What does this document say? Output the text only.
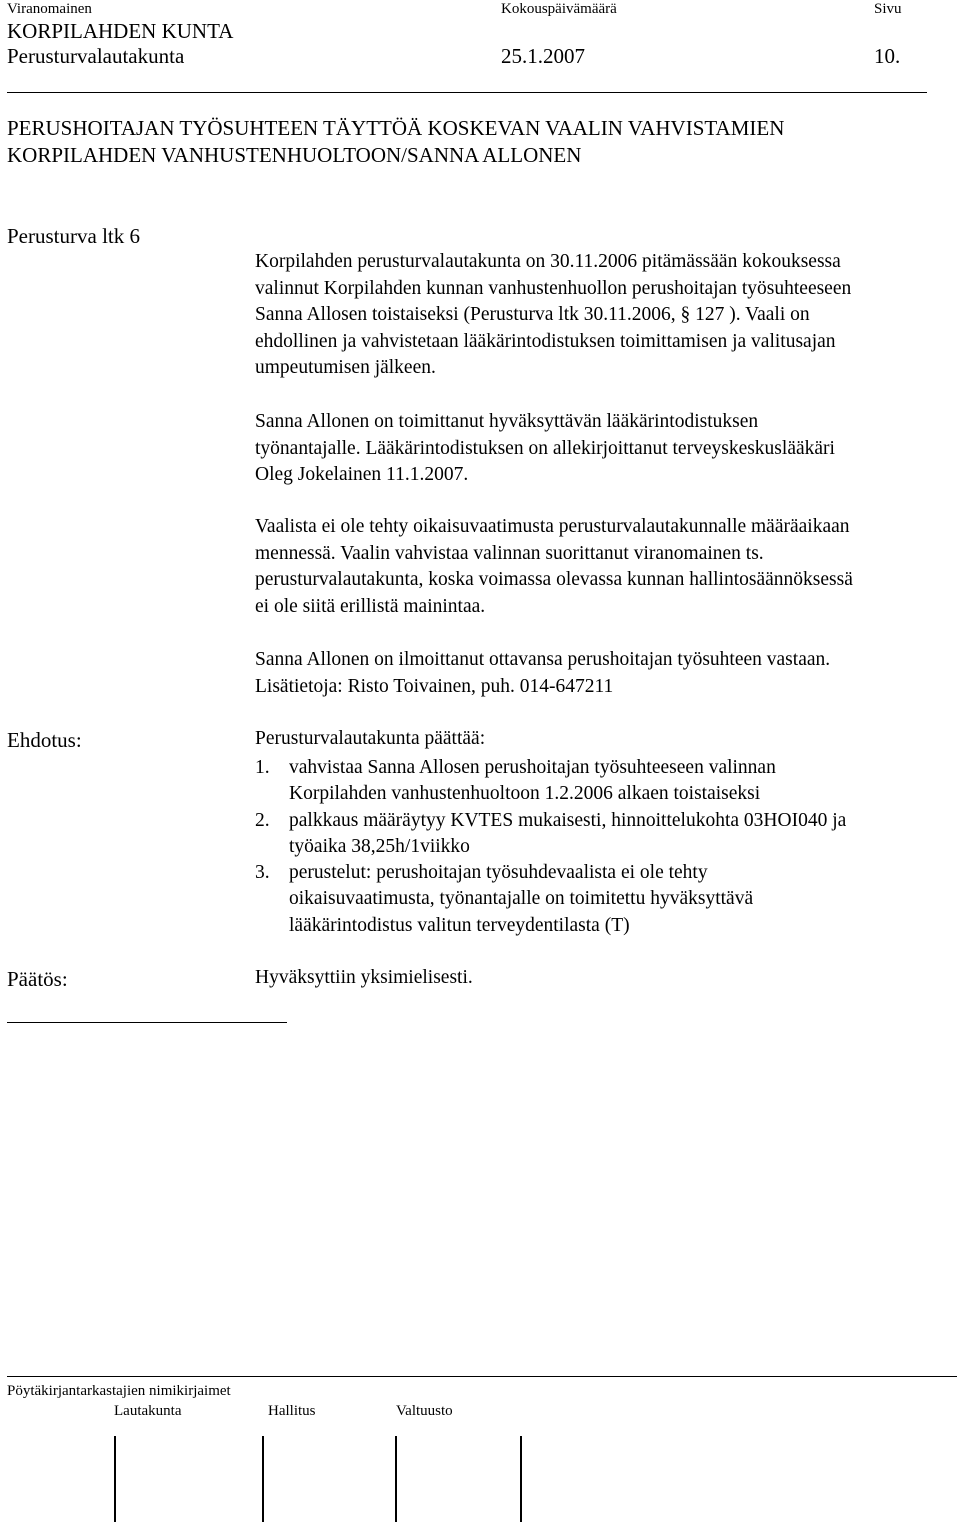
Viranomainen	Kokouspäivämäärä	Sivu
KORPILAHDEN KUNTA
Perusturvalautakunta	25.1.2007	10.
PERUSHOITAJAN TYÖSUHTEEN TÄYTTÖÄ KOSKEVAN VAALIN VAHVISTAMIEN
KORPILAHDEN VANHUSTENHUOLTOON/SANNA ALLONEN
Perusturva ltk 6
Korpilahden perusturvalautakunta on 30.11.2006 pitämässään kokouksessa
valinnut Korpilahden kunnan vanhustenhuollon perushoitajan työsuhteeseen
Sanna Allosen toistaiseksi (Perusturva ltk 30.11.2006, § 127 ). Vaali on
ehdollinen ja vahvistetaan lääkärintodistuksen toimittamisen ja valitusajan
umpeutumisen jälkeen.
Sanna Allonen on toimittanut hyväksyttävän lääkärintodistuksen
työnantajalle. Lääkärintodistuksen on allekirjoittanut terveyskeskuslääkäri
Oleg Jokelainen 11.1.2007.
Vaalista ei ole tehty oikaisuvaatimusta perusturvalautakunnalle määräaikaan
mennessä. Vaalin vahvistaa valinnan suorittanut viranomainen ts.
perusturvalautakunta, koska voimassa olevassa kunnan hallintosäännöksessä
ei ole siitä erillistä mainintaa.
Sanna Allonen on ilmoittanut ottavansa perushoitajan työsuhteen vastaan.
Lisätietoja: Risto Toivainen, puh. 014-647211
Ehdotus:	Perusturvalautakunta päättää:
1. vahvistaa Sanna Allosen perushoitajan työsuhteeseen valinnan
Korpilahden vanhustenhuoltoon 1.2.2006 alkaen toistaiseksi
2. palkkaus määräytyy KVTES mukaisesti, hinnoittelukohta 03HOI040 ja
työaika 38,25h/1viikko
3. perustelut: perushoitajan työsuhdevaalista ei ole tehty
oikaisuvaatimusta, työnantajalle on toimitettu hyväksyttävä
lääkärintodistus valitun terveydentilasta (T)
Päätös:	Hyväksyttiin yksimielisesti.
Pöytäkirjantarkastajien nimikirjaimet
Lautakunta	Hallitus	Valtuusto
